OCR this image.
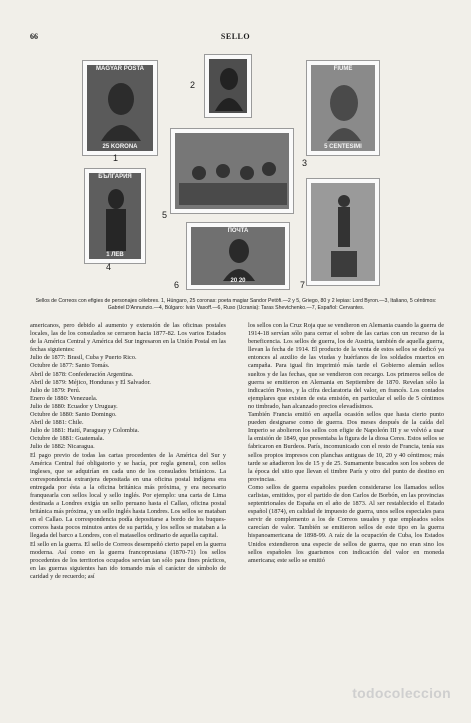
66	SELLO
MAGYAR POSTA
25 KORONA
1
2
FIUME
5 CENTESIMI
3
5
БЪЛГАРИЯ
1 ЛЕВ
4
ПОЧТА
20 20
6	7
Sellos de Correos con efigies de personajes célebres. 1, Húngaro, 25 coronas: poeta magiar Sandor Petöfi.—2 y 5, Griego, 80 y 2 lepias: Lord Byron.—3, Italiano, 5 céntimos: Gabriel D'Annunzio.—4, Búlgaro: Iván Vasoff.—6, Ruso (Ucrania): Taras Shevtchenko.—7, Español: Cervantes.

americanos, pero debido al aumento y extensión de las oficinas postales locales, las de los consulados se cerraron hacia 1877-82. Los varios Estados de la América Central y América del Sur ingresaron en la Unión Postal en las fechas siguientes:

Julio de 1877: Brasil, Cuba y Puerto Rico.

Octubre de 1877: Santo Tomás.

Abril de 1878: Confederación Argentina.

Abril de 1879: Méjico, Honduras y El Salvador.

Julio de 1879: Perú.

Enero de 1880: Venezuela.

Julio de 1880: Ecuador y Uruguay.

Octubre de 1880: Santo Domingo.

Abril de 1881: Chile.

Julio de 1881: Haití, Paraguay y Colombia.

Octubre de 1881: Guatemala.

Julio de 1882: Nicaragua.

El pago previo de todas las cartas procedentes de la América del Sur y América Central fué obligatorio y se hacía, por regla general, con sellos ingleses, que se adquirían en cada uno de los consulados británicos. La correspondencia extranjera depositada en una oficina postal indígena era entregada por ésta a la oficina británica más próxima, y era necesario franquearla con sellos local y sello inglés. Por ejemplo: una carta de Lima destinada a Londres exigía un sello peruano hasta el Callao, oficina postal británica más próxima, y un sello inglés hasta Londres. Los sellos se mataban en el Callao. La correspondencia podía depositarse a bordo de los buques-correos hasta pocos minutos antes de su partida, y los sellos se mataban a la llegada del barco a Londres, con el matasellos ordinario de aquella capital.

El sello en la guerra. El sello de Correos desempeñó cierto papel en la guerra moderna. Así como en la guerra francoprusiana (1870-71) los sellos procedentes de los territorios ocupados servían tan sólo para fines prácticos, en las guerras siguientes han ido tomando más el carácter de símbolo de caridad y de recuerdo; así

los sellos con la Cruz Roja que se vendieron en Alemania cuando la guerra de 1914-18 servían sólo para cerrar el sobre de las cartas con un recurso de la beneficencia. Los sellos de guerra, los de Austria, también de aquella guerra, llevan la fecha de 1914. El producto de la venta de estos sellos se dedicó ya entonces al auxilio de las viudas y huérfanos de los soldados muertos en campaña. Para igual fin imprimió más tarde el Gobierno alemán sellos sueltos y de las fechas, que se vendieron con recargo. Los primeros sellos de guerra se emitieron en Alemania en Septiembre de 1870. Revelan sólo la indicación Postes, y la cifra declaratoria del valor, en francés. Los contados ejemplares que existen de esta emisión, en particular el sello de 5 céntimos no timbrado, han alcanzado precios elevadísimos.

También Francia emitió en aquella ocasión sellos que hasta cierto punto pueden designarse como de guerra. Dos meses después de la caída del Imperio se abolieron los sellos con efigie de Napoleón III y se volvió a usar la emisión de 1849, que presentaba la figura de la diosa Ceres. Estos sellos se fabricaron en Burdeos. París, incomunicado con el resto de Francia, tenía sus sellos propios impresos con planchas antiguas de 10, 20 y 40 céntimos; más tarde se añadieron los de 15 y de 25. Sumamente buscados son los sobres de la época del sitio que llevan el timbre París y otro del punto de destino en provincias.

Como sellos de guerra españoles pueden considerarse los llamados sellos carlistas, emitidos, por el partido de don Carlos de Borbón, en las provincias septentrionales de España en el año de 1873. Al ser restablecido el Estado español (1874), en calidad de impuesto de guerra, unos sellos especiales para servir de complemento a los de Correos usuales y que empleados solos carecían de valor. También se emitieron sellos de este tipo en la guerra hispanoamericana de 1898-99. A raíz de la ocupación de Cuba, los Estados Unidos extendieron una especie de sellos de guerra, que no eran sino los sellos españoles los guarismos con indicación del valor en moneda americana; este sello se emitió

todocoleccion
